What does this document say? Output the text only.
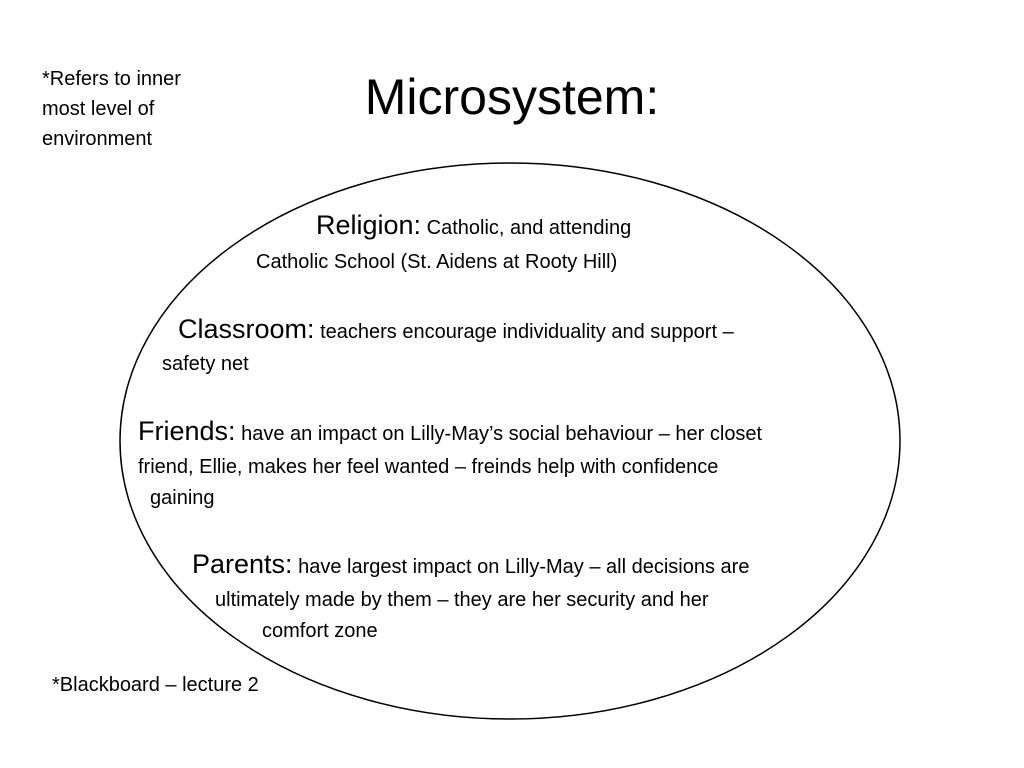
*Refers to inner
most level of
environment
Microsystem:
Religion: Catholic, and attending
Catholic School (St. Aidens at Rooty Hill)
Classroom: teachers encourage individuality and support –
safety net
Friends: have an impact on Lilly-May’s social behaviour – her closet
friend, Ellie, makes her feel wanted – freinds help with confidence
gaining
Parents: have largest impact on Lilly-May – all decisions are
ultimately made by them – they are her security and her
comfort zone
*Blackboard – lecture 2
